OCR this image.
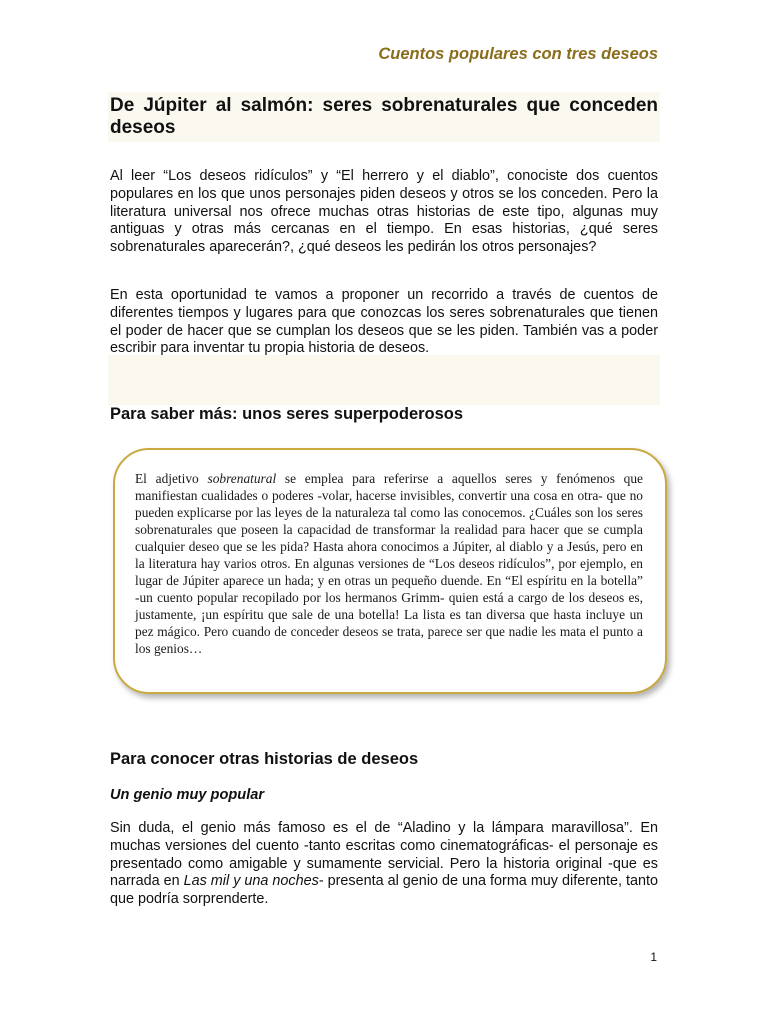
Cuentos populares con tres deseos
De Júpiter al salmón: seres sobrenaturales que conceden deseos

Al leer “Los deseos ridículos” y “El herrero y el diablo”, conociste dos cuentos populares en los que unos personajes piden deseos y otros se los conceden. Pero la literatura universal nos ofrece muchas otras historias de este tipo, algunas muy antiguas y otras más cercanas en el tiempo. En esas historias, ¿qué seres sobrenaturales aparecerán?, ¿qué deseos les pedirán los otros personajes?

En esta oportunidad te vamos a proponer un recorrido a través de cuentos de diferentes tiempos y lugares para que conozcas los seres sobrenaturales que tienen el poder de hacer que se cumplan los deseos que se les piden. También vas a poder escribir para inventar tu propia historia de deseos.

Para saber más: unos seres superpoderosos

El adjetivo sobrenatural se emplea para referirse a aquellos seres y fenómenos que manifiestan cualidades o poderes -volar, hacerse invisibles, convertir una cosa en otra- que no pueden explicarse por las leyes de la naturaleza tal como las conocemos. ¿Cuáles son los seres sobrenaturales que poseen la capacidad de transformar la realidad para hacer que se cumpla cualquier deseo que se les pida? Hasta ahora conocimos a Júpiter, al diablo y a Jesús, pero en la literatura hay varios otros. En algunas versiones de “Los deseos ridículos”, por ejemplo, en lugar de Júpiter aparece un hada; y en otras un pequeño duende. En “El espíritu en la botella” -un cuento popular recopilado por los hermanos Grimm- quien está a cargo de los deseos es, justamente, ¡un espíritu que sale de una botella! La lista es tan diversa que hasta incluye un pez mágico. Pero cuando de conceder deseos se trata, parece ser que nadie les mata el punto a los genios…

Para conocer otras historias de deseos
Un genio muy popular

Sin duda, el genio más famoso es el de “Aladino y la lámpara maravillosa”. En muchas versiones del cuento -tanto escritas como cinematográficas- el personaje es presentado como amigable y sumamente servicial. Pero la historia original -que es narrada en Las mil y una noches- presenta al genio de una forma muy diferente, tanto que podría sorprenderte.

1
